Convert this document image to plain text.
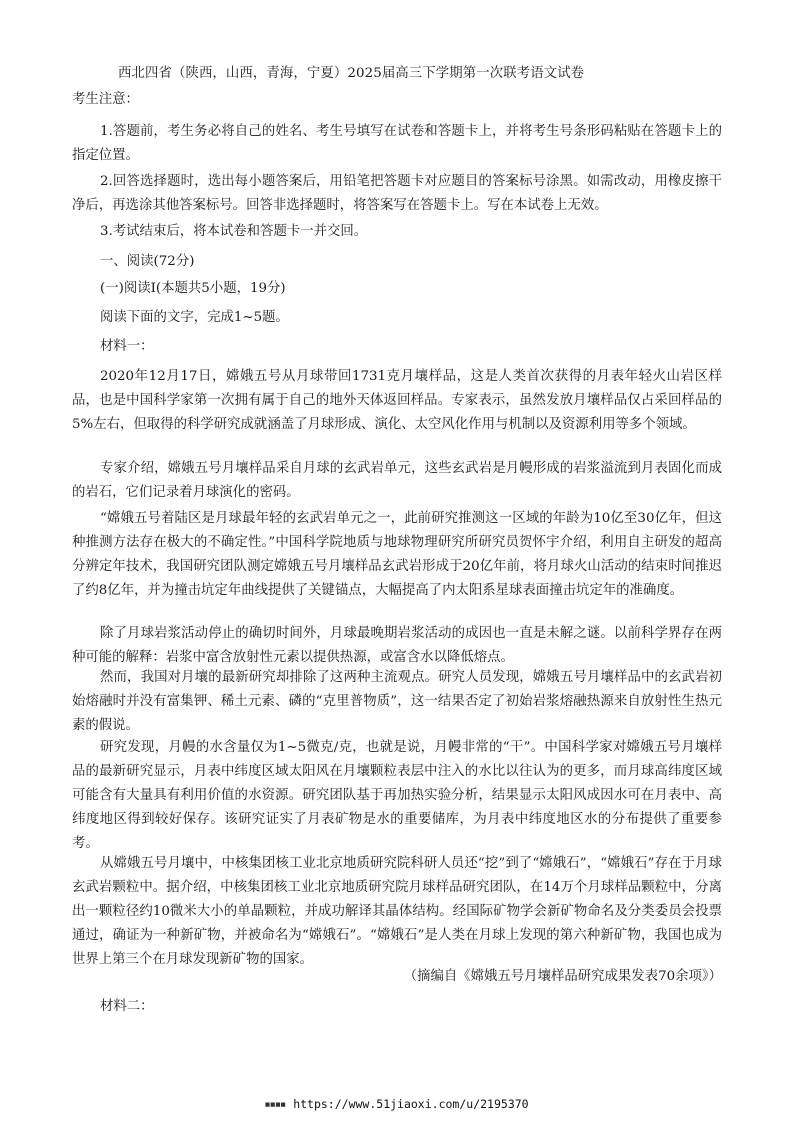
西北四省（陕西，山西，青海，宁夏）2025届高三下学期第一次联考语文试卷
考生注意：
1.答题前，考生务必将自己的姓名、考生号填写在试卷和答题卡上，并将考生号条形码粘贴在答题卡上的指定位置。
2.回答选择题时，选出每小题答案后，用铅笔把答题卡对应题目的答案标号涂黑。如需改动，用橡皮擦干净后，再选涂其他答案标号。回答非选择题时，将答案写在答题卡上。写在本试卷上无效。
3.考试结束后，将本试卷和答题卡一并交回。
一、阅读(72分)
(一)阅读Ⅰ(本题共5小题，19分)
阅读下面的文字，完成1~5题。
材料一：
2020年12月17日，嫦娥五号从月球带回1731克月壤样品，这是人类首次获得的月表年轻火山岩区样品，也是中国科学家第一次拥有属于自己的地外天体返回样品。专家表示，虽然发放月壤样品仅占采回样品的5%左右，但取得的科学研究成就涵盖了月球形成、演化、太空风化作用与机制以及资源利用等多个领域。
专家介绍，嫦娥五号月壤样品采自月球的玄武岩单元，这些玄武岩是月幔形成的岩浆溢流到月表固化而成的岩石，它们记录着月球演化的密码。
“嫦娥五号着陆区是月球最年轻的玄武岩单元之一，此前研究推测这一区域的年龄为10亿至30亿年，但这种推测方法存在极大的不确定性。”中国科学院地质与地球物理研究所研究员贺怀宇介绍，利用自主研发的超高分辨定年技术，我国研究团队测定嫦娥五号月壤样品玄武岩形成于20亿年前，将月球火山活动的结束时间推迟了约8亿年，并为撞击坑定年曲线提供了关键锚点，大幅提高了内太阳系星球表面撞击坑定年的准确度。
除了月球岩浆活动停止的确切时间外，月球最晚期岩浆活动的成因也一直是未解之谜。以前科学界存在两种可能的解释：岩浆中富含放射性元素以提供热源，或富含水以降低熔点。
然而，我国对月壤的最新研究却排除了这两种主流观点。研究人员发现，嫦娥五号月壤样品中的玄武岩初始熔融时并没有富集钾、稀土元素、磷的“克里普物质”，这一结果否定了初始岩浆熔融热源来自放射性生热元素的假说。
研究发现，月幔的水含量仅为1~5微克/克，也就是说，月幔非常的“干”。中国科学家对嫦娥五号月壤样品的最新研究显示，月表中纬度区域太阳风在月壤颗粒表层中注入的水比以往认为的更多，而月球高纬度区域可能含有大量具有利用价值的水资源。研究团队基于再加热实验分析，结果显示太阳风成因水可在月表中、高纬度地区得到较好保存。该研究证实了月表矿物是水的重要储库，为月表中纬度地区水的分布提供了重要参考。
从嫦娥五号月壤中，中核集团核工业北京地质研究院科研人员还“挖”到了“嫦娥石”，“嫦娥石”存在于月球玄武岩颗粒中。据介绍，中核集团核工业北京地质研究院月球样品研究团队，在14万个月球样品颗粒中，分离出一颗粒径约10微米大小的单晶颗粒，并成功解译其晶体结构。经国际矿物学会新矿物命名及分类委员会投票通过，确证为一种新矿物，并被命名为“嫦娥石”。“嫦娥石”是人类在月球上发现的第六种新矿物，我国也成为世界上第三个在月球发现新矿物的国家。
（摘编自《嫦娥五号月壤样品研究成果发表70余项》）
材料二：
■■■■ https://www.51jiaoxi.com/u/2195370
